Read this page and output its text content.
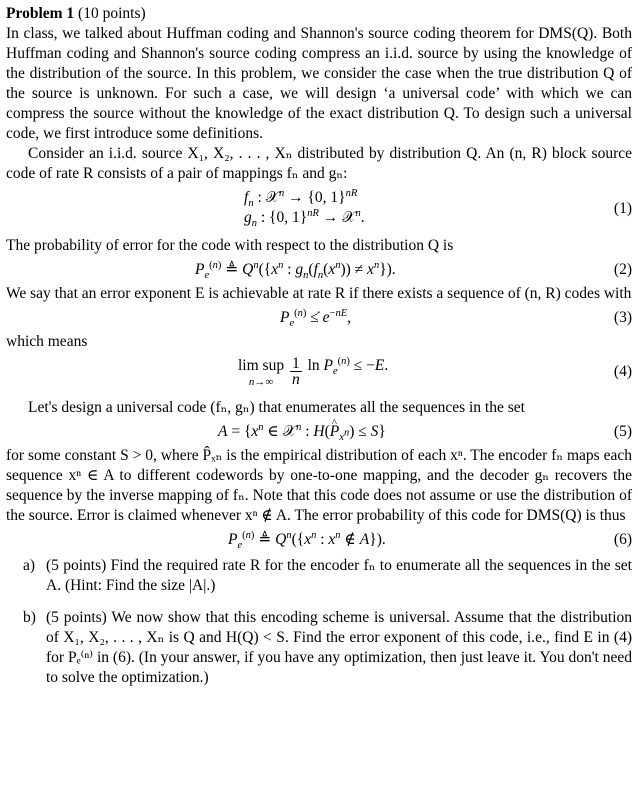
Problem 1 (10 points)

In class, we talked about Huffman coding and Shannon's source coding theorem for DMS(Q). Both Huffman coding and Shannon's source coding compress an i.i.d. source by using the knowledge of the distribution of the source. In this problem, we consider the case when the true distribution Q of the source is unknown. For such a case, we will design ‘a universal code’ with which we can compress the source without the knowledge of the exact distribution Q. To design such a universal code, we first introduce some definitions.

Consider an i.i.d. source X₁, X₂, . . . , Xₙ distributed by distribution Q. An (n, R) block source code of rate R consists of a pair of mappings fₙ and gₙ:

$f_n$ : 𝒳$^n$ → {0, 1}$^{nR}$
$g_n$ : {0, 1}$^{nR}$ → 𝒳$^n$.
(1)

The probability of error for the code with respect to the distribution Q is

$P_e^{(n)}$ ≜ $Q^n(\{x^n$ : $g_n(f_n(x^n)) \ne x^n$}).	(2)

We say that an error exponent E is achievable at rate R if there exists a sequence of (n, R) codes with

$P_e^{(n)}$ ≤̇ $e^{-nE}$,	(3)

which means

lim sup
n→∞
	$\frac{1}{n}$ $\ln P_e^{(n)} \le -E$.	(4)

Let's design a universal code (fₙ, gₙ) that enumerates all the sequences in the set

$A = \{x^n$ ∈ 𝒳$^n$ : H(^ $P_{x^n}) \le S$}	(5)

for some constant S > 0, where P̂ₓₙ is the empirical distribution of each xⁿ. The encoder fₙ maps each sequence xⁿ ∈ A to different codewords by one-to-one mapping, and the decoder gₙ recovers the sequence by the inverse mapping of fₙ. Note that this code does not assume or use the distribution of the source. Error is claimed whenever xⁿ ∉ A. The error probability of this code for DMS(Q) is thus

$P_e^{(n)}$ ≜ $Q^n(\{x^n$ : $x^n$ ∉ A}).	(6)
a) (5 points) Find the required rate R for the encoder fₙ to enumerate all the sequences in the set A. (Hint: Find the size |A|.)

b) (5 points) We now show that this encoding scheme is universal. Assume that the distribution of X₁, X₂, . . . , Xₙ is Q and H(Q) < S. Find the error exponent of this code, i.e., find E in (4) for Pₑ⁽ⁿ⁾ in (6). (In your answer, if you have any optimization, then just leave it. You don't need to solve the optimization.)
